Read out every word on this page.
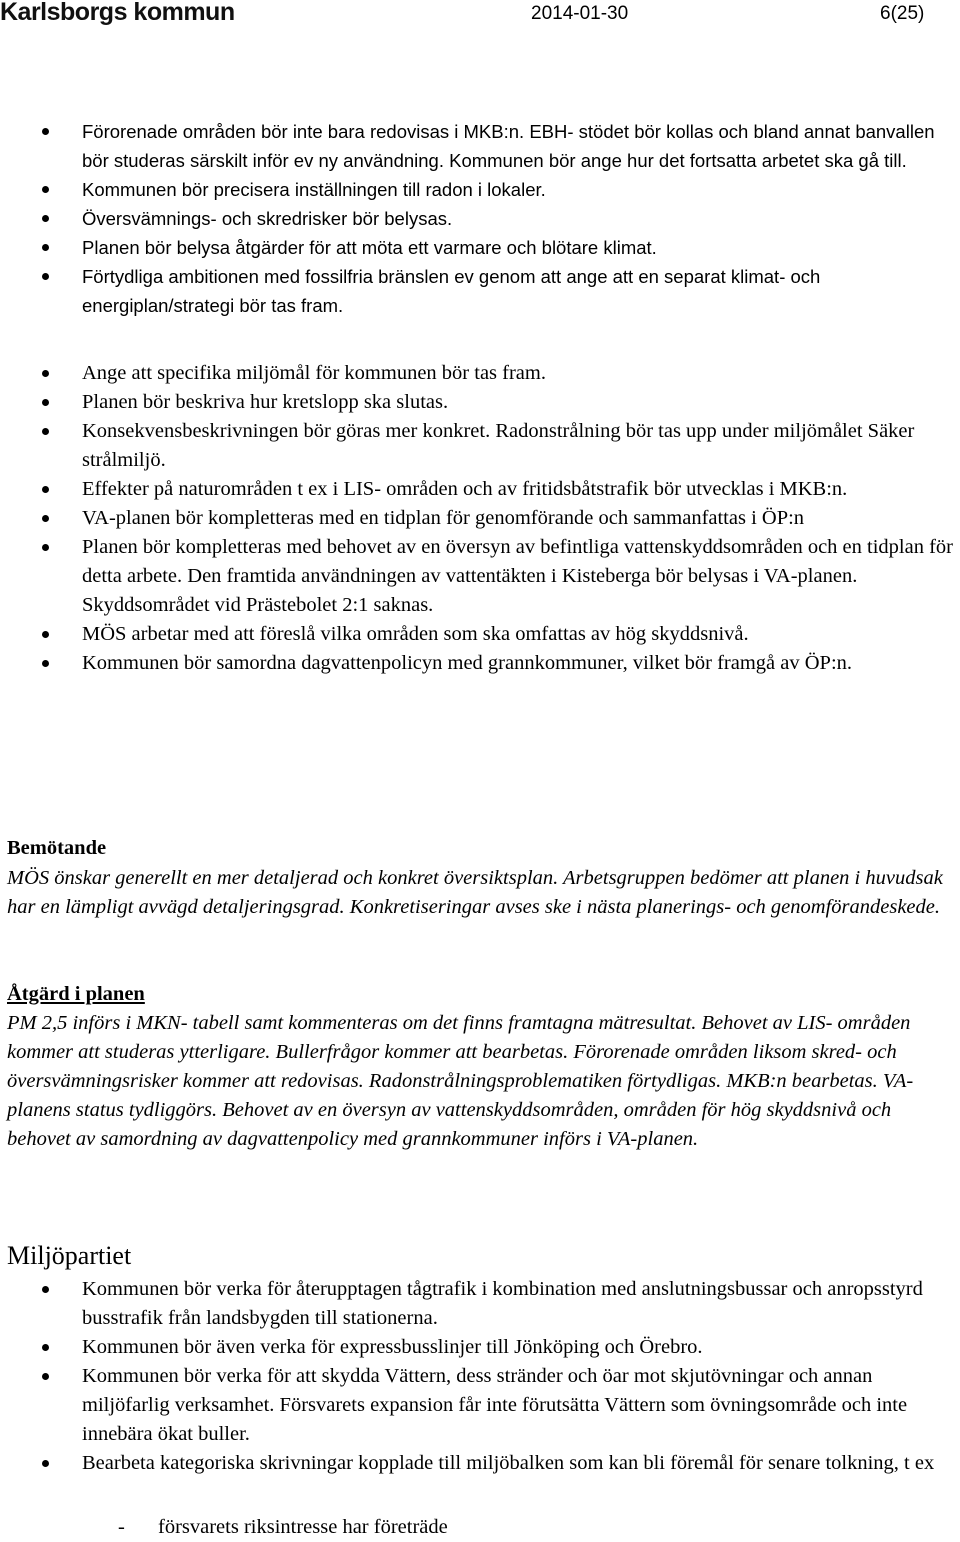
Karlsborgs kommun	2014-01-30	6(25)
Förorenade områden bör inte bara redovisas i MKB:n. EBH- stödet bör kollas och bland annat banvallen bör studeras särskilt inför ev ny användning. Kommunen bör ange hur det fortsatta arbetet ska gå till.
Kommunen bör precisera inställningen till radon i lokaler.
Översvämnings- och skredrisker bör belysas.
Planen bör belysa åtgärder för att möta ett varmare och blötare klimat.
Förtydliga ambitionen med fossilfria bränslen ev genom att ange att en separat klimat- och energiplan/strategi bör tas fram.
Ange att specifika miljömål för kommunen bör tas fram.
Planen bör beskriva hur kretslopp ska slutas.
Konsekvensbeskrivningen bör göras mer konkret. Radonstrålning bör tas upp under miljömålet Säker strålmiljö.
Effekter på naturområden t ex i LIS- områden och av fritidsbåtstrafik bör utvecklas i MKB:n.
VA-planen bör kompletteras med en tidplan för genomförande och sammanfattas i ÖP:n
Planen bör kompletteras med behovet av en översyn av befintliga vattenskyddsområden och en tidplan för detta arbete. Den framtida användningen av vattentäkten i Kisteberga bör belysas i VA-planen. Skyddsområdet vid Prästebolet 2:1 saknas.
MÖS arbetar med att föreslå vilka områden som ska omfattas av hög skyddsnivå.
Kommunen bör samordna dagvattenpolicyn med grannkommuner, vilket bör framgå av ÖP:n.
Bemötande
MÖS önskar generellt en mer detaljerad och konkret översiktsplan. Arbetsgruppen bedömer att planen i huvudsak har en lämpligt avvägd detaljeringsgrad. Konkretiseringar avses ske i nästa planerings- och genomförandeskede.
Åtgärd i planen
PM 2,5 införs i MKN- tabell samt kommenteras om det finns framtagna mätresultat. Behovet av LIS- områden kommer att studeras ytterligare. Bullerfrågor kommer att bearbetas. Förorenade områden liksom skred- och översvämningsrisker kommer att redovisas. Radonstrålningsproblematiken förtydligas. MKB:n bearbetas. VA-planens status tydliggörs. Behovet av en översyn av vattenskyddsområden, områden för hög skyddsnivå och behovet av samordning av dagvattenpolicy med grannkommuner införs i VA-planen.
Miljöpartiet
Kommunen bör verka för återupptagen tågtrafik i kombination med anslutningsbussar och anropsstyrd busstrafik från landsbygden till stationerna.
Kommunen bör även verka för expressbusslinjer till Jönköping och Örebro.
Kommunen bör verka för att skydda Vättern, dess stränder och öar mot skjutövningar och annan miljöfarlig verksamhet. Försvarets expansion får inte förutsätta Vättern som övningsområde och inte innebära ökat buller.
Bearbeta kategoriska skrivningar kopplade till miljöbalken som kan bli föremål för senare tolkning, t ex
- försvarets riksintresse har företräde
